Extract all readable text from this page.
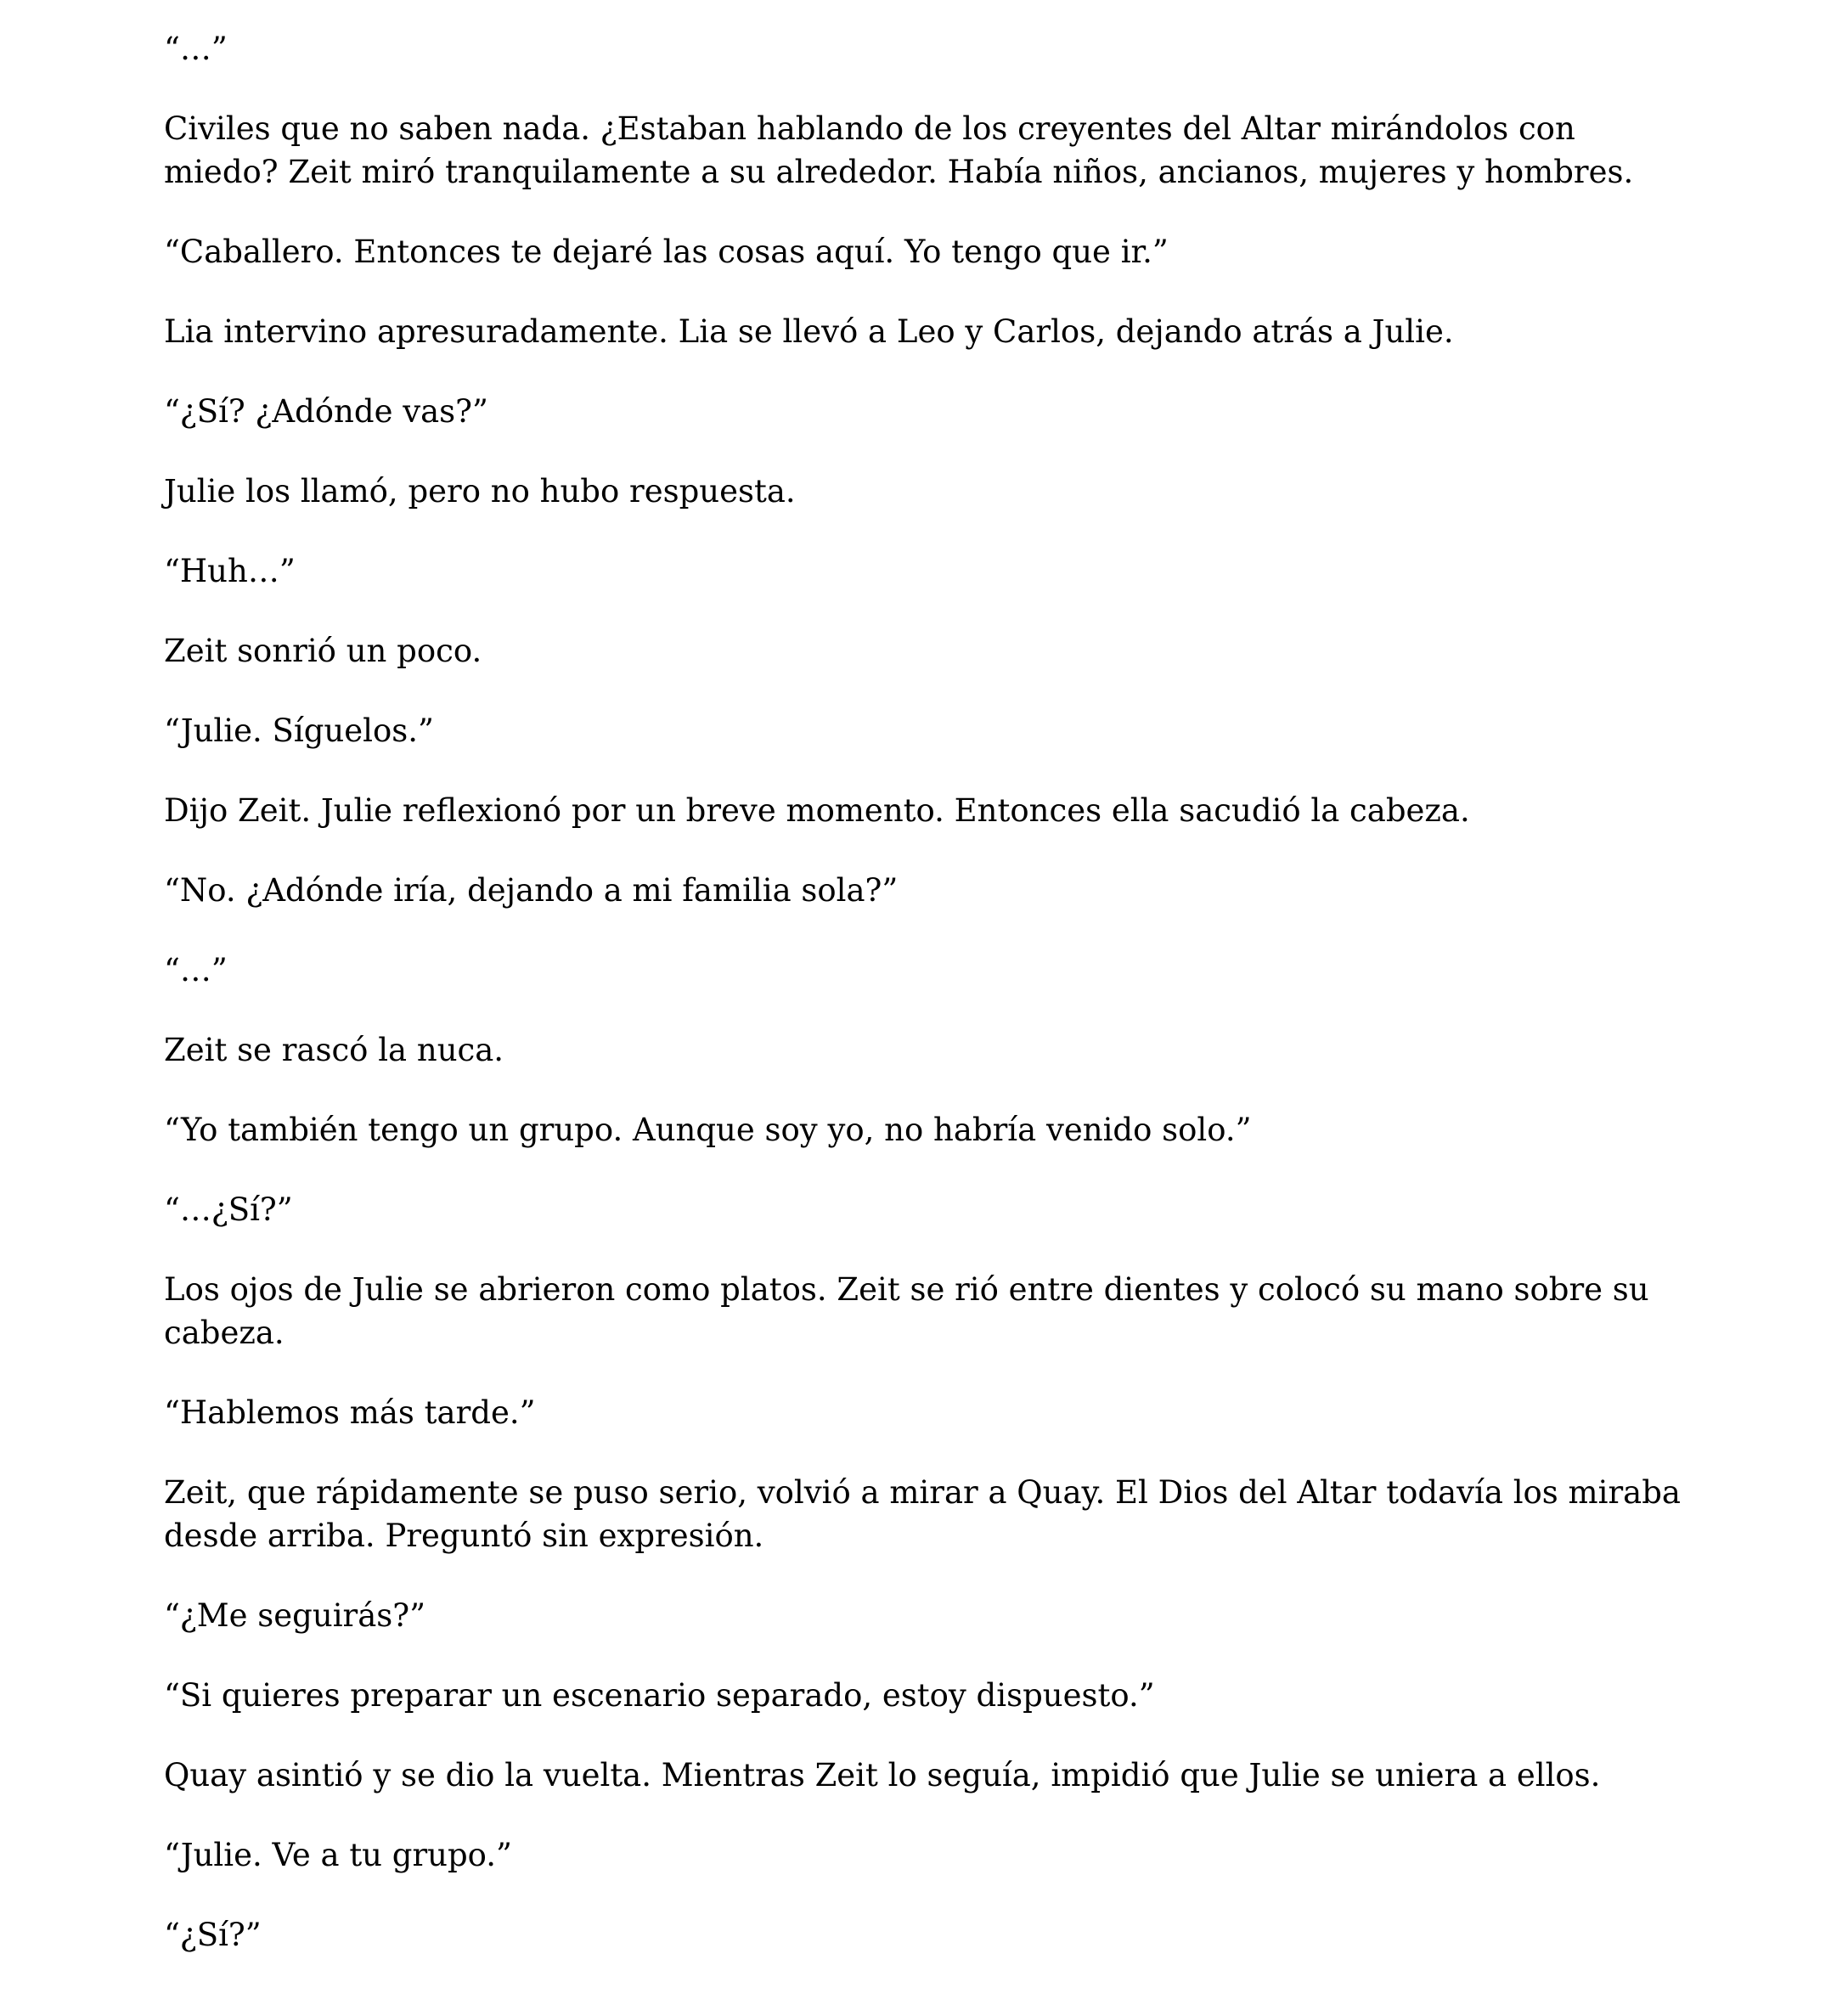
“…”

Civiles que no saben nada. ¿Estaban hablando de los creyentes del Altar mirándolos con miedo? Zeit miró tranquilamente a su alrededor. Había niños, ancianos, mujeres y hombres.

“Caballero. Entonces te dejaré las cosas aquí. Yo tengo que ir.”

Lia intervino apresuradamente. Lia se llevó a Leo y Carlos, dejando atrás a Julie.

“¿Sí? ¿Adónde vas?”

Julie los llamó, pero no hubo respuesta.

“Huh…”

Zeit sonrió un poco.

“Julie. Síguelos.”

Dijo Zeit. Julie reflexionó por un breve momento. Entonces ella sacudió la cabeza.

“No. ¿Adónde iría, dejando a mi familia sola?”

“…”

Zeit se rascó la nuca.

“Yo también tengo un grupo. Aunque soy yo, no habría venido solo.”

“…¿Sí?”

Los ojos de Julie se abrieron como platos. Zeit se rió entre dientes y colocó su mano sobre su cabeza.

“Hablemos más tarde.”

Zeit, que rápidamente se puso serio, volvió a mirar a Quay. El Dios del Altar todavía los miraba desde arriba. Preguntó sin expresión.

“¿Me seguirás?”

“Si quieres preparar un escenario separado, estoy dispuesto.”

Quay asintió y se dio la vuelta. Mientras Zeit lo seguía, impidió que Julie se uniera a ellos.

“Julie. Ve a tu grupo.”

“¿Sí?”
